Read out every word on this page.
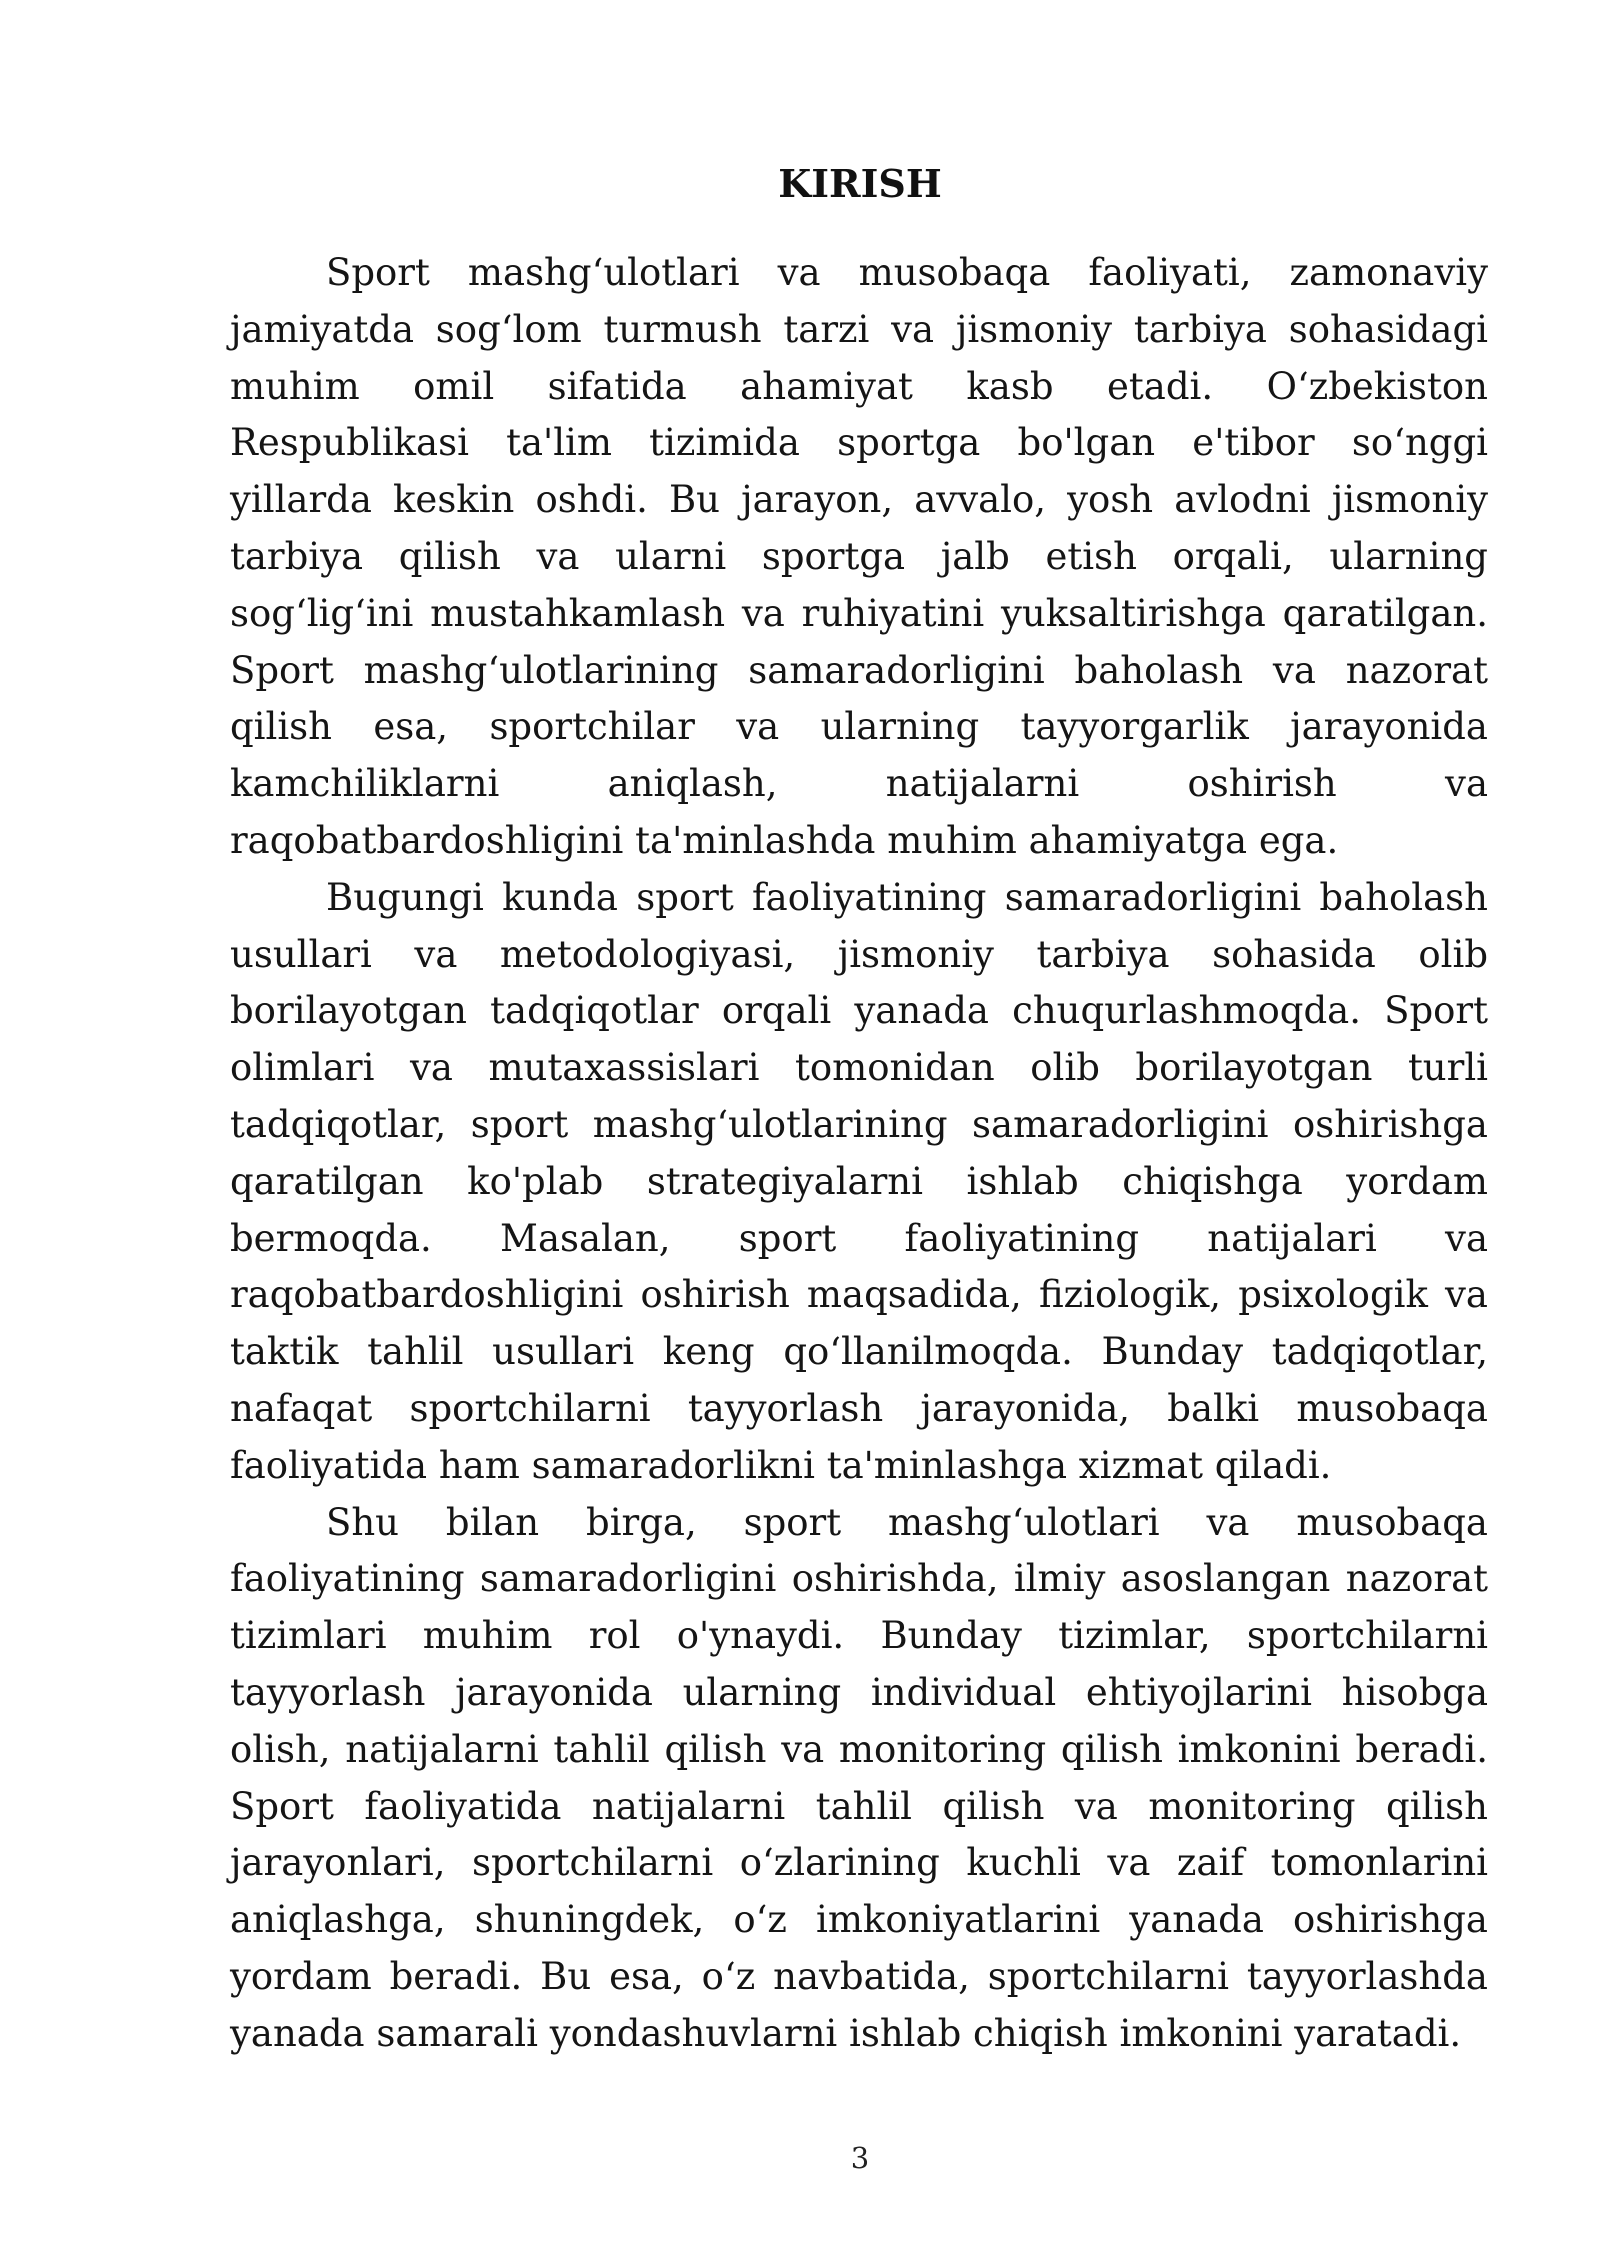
KIRISH

Sport mashgʻulotlari va musobaqa faoliyati, zamonaviy jamiyatda sogʻlom turmush tarzi va jismoniy tarbiya sohasidagi muhim omil sifatida ahamiyat kasb etadi. Oʻzbekiston Respublikasi ta'lim tizimida sportga bo'lgan e'tibor soʻnggi yillarda keskin oshdi. Bu jarayon, avvalo, yosh avlodni jismoniy tarbiya qilish va ularni sportga jalb etish orqali, ularning sogʻligʻini mustahkamlash va ruhiyatini yuksaltirishga qaratilgan. Sport mashgʻulotlarining samaradorligini baholash va nazorat qilish esa, sportchilar va ularning tayyorgarlik jarayonida kamchiliklarni aniqlash, natijalarni oshirish va raqobatbardoshligini ta'minlashda muhim ahamiyatga ega.

Bugungi kunda sport faoliyatining samaradorligini baholash usullari va metodologiyasi, jismoniy tarbiya sohasida olib borilayotgan tadqiqotlar orqali yanada chuqurlashmoqda. Sport olimlari va mutaxassislari tomonidan olib borilayotgan turli tadqiqotlar, sport mashgʻulotlarining samaradorligini oshirishga qaratilgan ko'plab strategiyalarni ishlab chiqishga yordam bermoqda. Masalan, sport faoliyatining natijalari va raqobatbardoshligini oshirish maqsadida, fiziologik, psixologik va taktik tahlil usullari keng qoʻllanilmoqda. Bunday tadqiqotlar, nafaqat sportchilarni tayyorlash jarayonida, balki musobaqa faoliyatida ham samaradorlikni ta'minlashga xizmat qiladi.

Shu bilan birga, sport mashgʻulotlari va musobaqa faoliyatining samaradorligini oshirishda, ilmiy asoslangan nazorat tizimlari muhim rol o'ynaydi. Bunday tizimlar, sportchilarni tayyorlash jarayonida ularning individual ehtiyojlarini hisobga olish, natijalarni tahlil qilish va monitoring qilish imkonini beradi. Sport faoliyatida natijalarni tahlil qilish va monitoring qilish jarayonlari, sportchilarni oʻzlarining kuchli va zaif tomonlarini aniqlashga, shuningdek, oʻz imkoniyatlarini yanada oshirishga yordam beradi. Bu esa, oʻz navbatida, sportchilarni tayyorlashda yanada samarali yondashuvlarni ishlab chiqish imkonini yaratadi.

3
